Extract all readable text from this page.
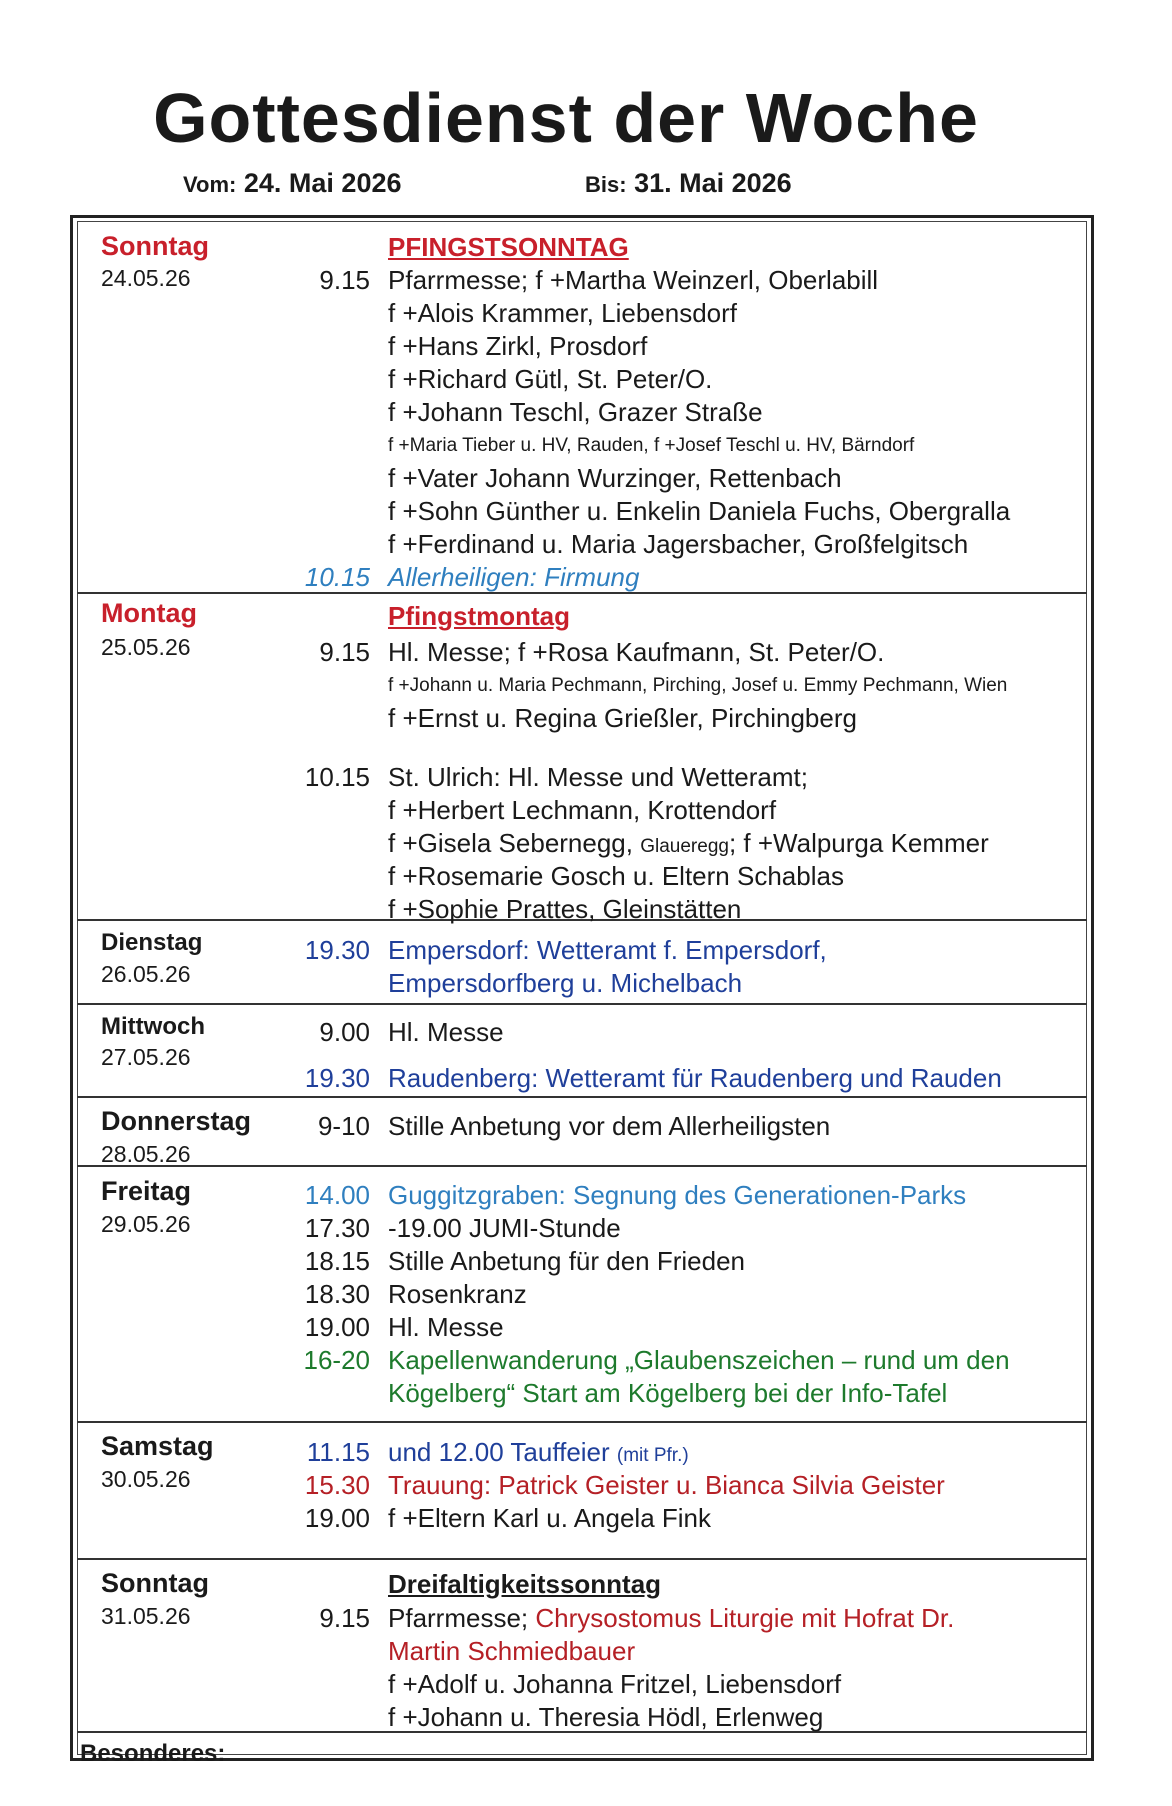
Gottesdienst der Woche
Vom: 24. Mai 2026	Bis: 31. Mai 2026
Sonntag
24.05.26
PFINGSTSONNTAG
9.15 Pfarrmesse; f +Martha Weinzerl, Oberlabill
f +Alois Krammer, Liebensdorf
f +Hans Zirkl, Prosdorf
f +Richard Gütl, St. Peter/O.
f +Johann Teschl, Grazer Straße
f +Maria Tieber u. HV, Rauden, f +Josef Teschl u. HV, Bärndorf
f +Vater Johann Wurzinger, Rettenbach
f +Sohn Günther u. Enkelin Daniela Fuchs, Obergralla
f +Ferdinand u. Maria Jagersbacher, Großfelgitsch
10.15 Allerheiligen: Firmung
Montag
25.05.26
Pfingstmontag
9.15 Hl. Messe; f +Rosa Kaufmann, St. Peter/O.
f +Johann u. Maria Pechmann, Pirching, Josef u. Emmy Pechmann, Wien
f +Ernst u. Regina Grießler, Pirchingberg
10.15 St. Ulrich: Hl. Messe und Wetteramt;
f +Herbert Lechmann, Krottendorf
f +Gisela Sebernegg, Glaueregg; f +Walpurga Kemmer
f +Rosemarie Gosch u. Eltern Schablas
f +Sophie Prattes, Gleinstätten
Dienstag
26.05.26
19.30 Empersdorf: Wetteramt f. Empersdorf,
Empersdorfberg u. Michelbach
Mittwoch
27.05.26
9.00 Hl. Messe
19.30 Raudenberg: Wetteramt für Raudenberg und Rauden
Donnerstag
28.05.26
9-10 Stille Anbetung vor dem Allerheiligsten
Freitag
29.05.26
14.00 Guggitzgraben: Segnung des Generationen-Parks
17.30 -19.00 JUMI-Stunde
18.15 Stille Anbetung für den Frieden
18.30 Rosenkranz
19.00 Hl. Messe
16-20 Kapellenwanderung „Glaubenszeichen – rund um den
Kögelberg“ Start am Kögelberg bei der Info-Tafel
Samstag
30.05.26
11.15 und 12.00 Tauffeier (mit Pfr.)
15.30 Trauung: Patrick Geister u. Bianca Silvia Geister
19.00 f +Eltern Karl u. Angela Fink
Sonntag
31.05.26
Dreifaltigkeitssonntag
9.15 Pfarrmesse; Chrysostomus Liturgie mit Hofrat Dr.
Martin Schmiedbauer
f +Adolf u. Johanna Fritzel, Liebensdorf
f +Johann u. Theresia Hödl, Erlenweg
Besonderes:
